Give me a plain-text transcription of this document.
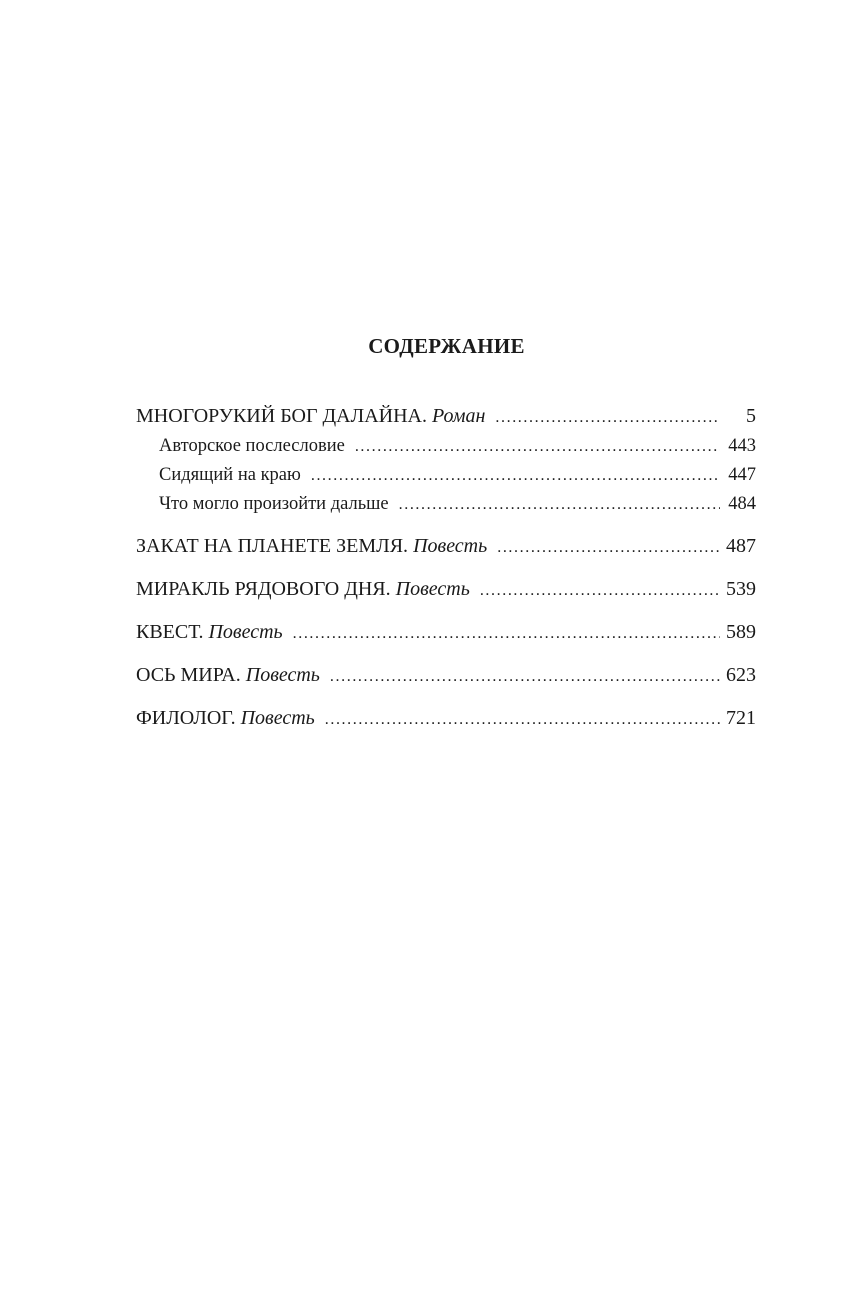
СОДЕРЖАНИЕ
МНОГОРУКИЙ БОГ ДАЛАЙНА. Роман . . .	5
Авторское послесловие . . .	443
Сидящий на краю . . .	447
Что могло произойти дальше . . .	484
ЗАКАТ НА ПЛАНЕТЕ ЗЕМЛЯ. Повесть . . .	487
МИРАКЛЬ РЯДОВОГО ДНЯ. Повесть . . .	539
КВЕСТ. Повесть . . .	589
ОСЬ МИРА. Повесть . . .	623
ФИЛОЛОГ. Повесть . . .	721
